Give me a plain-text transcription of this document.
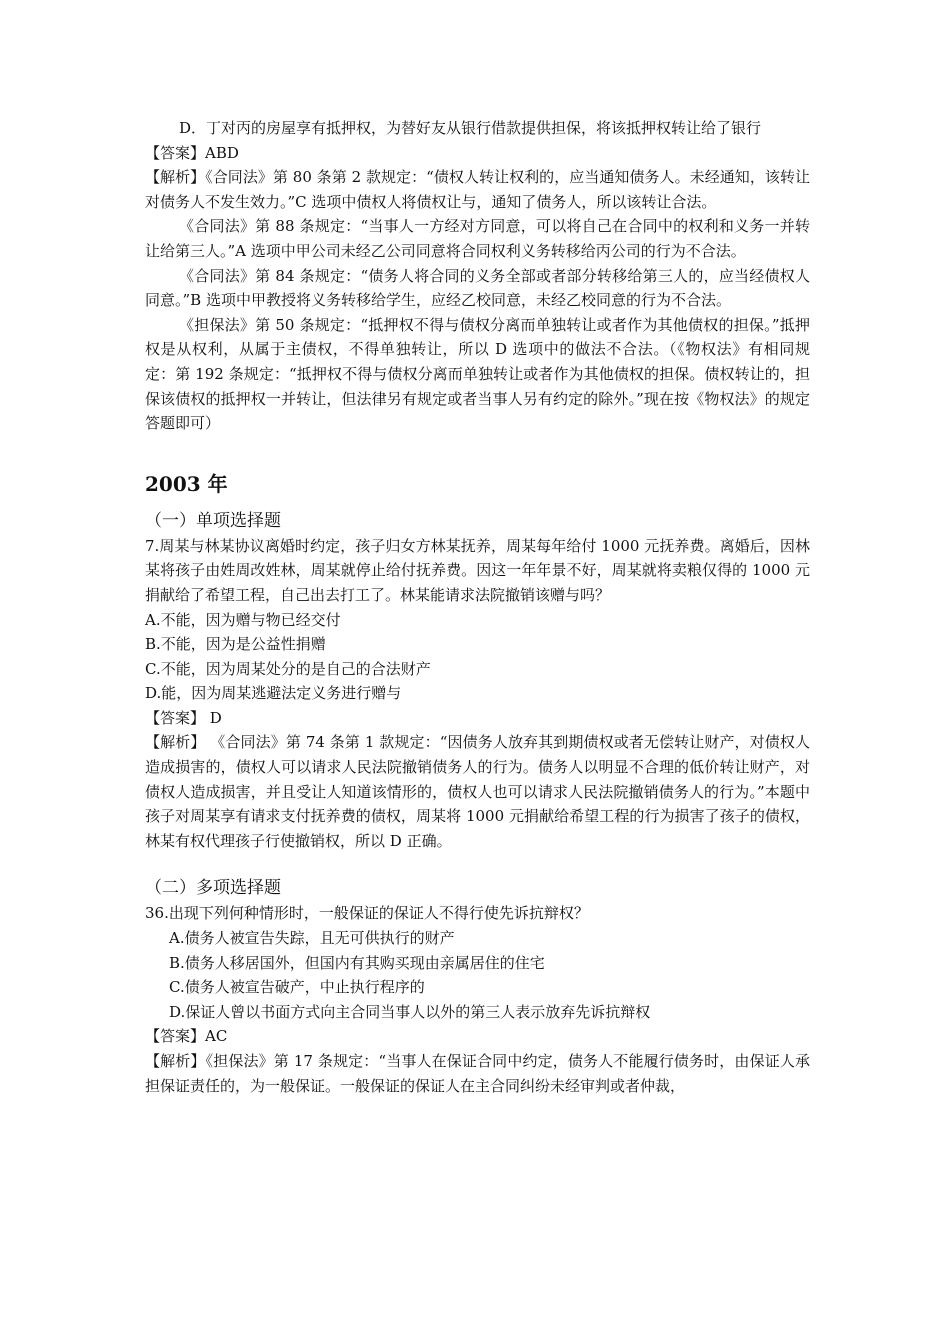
D．丁对丙的房屋享有抵押权，为替好友从银行借款提供担保，将该抵押权转让给了银行

【答案】ABD

【解析】《合同法》第 80 条第 2 款规定：“债权人转让权利的，应当通知债务人。未经通知，该转让对债务人不发生效力。”C 选项中债权人将债权让与，通知了债务人，所以该转让合法。

《合同法》第 88 条规定：“当事人一方经对方同意，可以将自己在合同中的权利和义务一并转让给第三人。”A 选项中甲公司未经乙公司同意将合同权利义务转移给丙公司的行为不合法。

《合同法》第 84 条规定：“债务人将合同的义务全部或者部分转移给第三人的，应当经债权人同意。”B 选项中甲教授将义务转移给学生，应经乙校同意，未经乙校同意的行为不合法。

《担保法》第 50 条规定：“抵押权不得与债权分离而单独转让或者作为其他债权的担保。”抵押权是从权利，从属于主债权，不得单独转让，所以 D 选项中的做法不合法。（《物权法》有相同规定：第 192 条规定：“抵押权不得与债权分离而单独转让或者作为其他债权的担保。债权转让的，担保该债权的抵押权一并转让，但法律另有规定或者当事人另有约定的除外。”现在按《物权法》的规定答题即可）

2003 年

（一）单项选择题

7.周某与林某协议离婚时约定，孩子归女方林某抚养，周某每年给付 1000 元抚养费。离婚后，因林某将孩子由姓周改姓林，周某就停止给付抚养费。因这一年年景不好，周某就将卖粮仅得的 1000 元捐献给了希望工程，自己出去打工了。林某能请求法院撤销该赠与吗？

A.不能，因为赠与物已经交付

B.不能，因为是公益性捐赠

C.不能，因为周某处分的是自己的合法财产

D.能，因为周某逃避法定义务进行赠与

【答案】 D

【解析】 《合同法》第 74 条第 1 款规定：“因债务人放弃其到期债权或者无偿转让财产，对债权人造成损害的，债权人可以请求人民法院撤销债务人的行为。债务人以明显不合理的低价转让财产，对债权人造成损害，并且受让人知道该情形的，债权人也可以请求人民法院撤销债务人的行为。”本题中孩子对周某享有请求支付抚养费的债权，周某将 1000 元捐献给希望工程的行为损害了孩子的债权，林某有权代理孩子行使撤销权，所以 D 正确。

（二）多项选择题

36.出现下列何种情形时，一般保证的保证人不得行使先诉抗辩权？

A.债务人被宣告失踪，且无可供执行的财产

B.债务人移居国外，但国内有其购买现由亲属居住的住宅

C.债务人被宣告破产，中止执行程序的

D.保证人曾以书面方式向主合同当事人以外的第三人表示放弃先诉抗辩权

【答案】AC

【解析】《担保法》第 17 条规定：“当事人在保证合同中约定，债务人不能履行债务时，由保证人承担保证责任的，为一般保证。一般保证的保证人在主合同纠纷未经审判或者仲裁，
